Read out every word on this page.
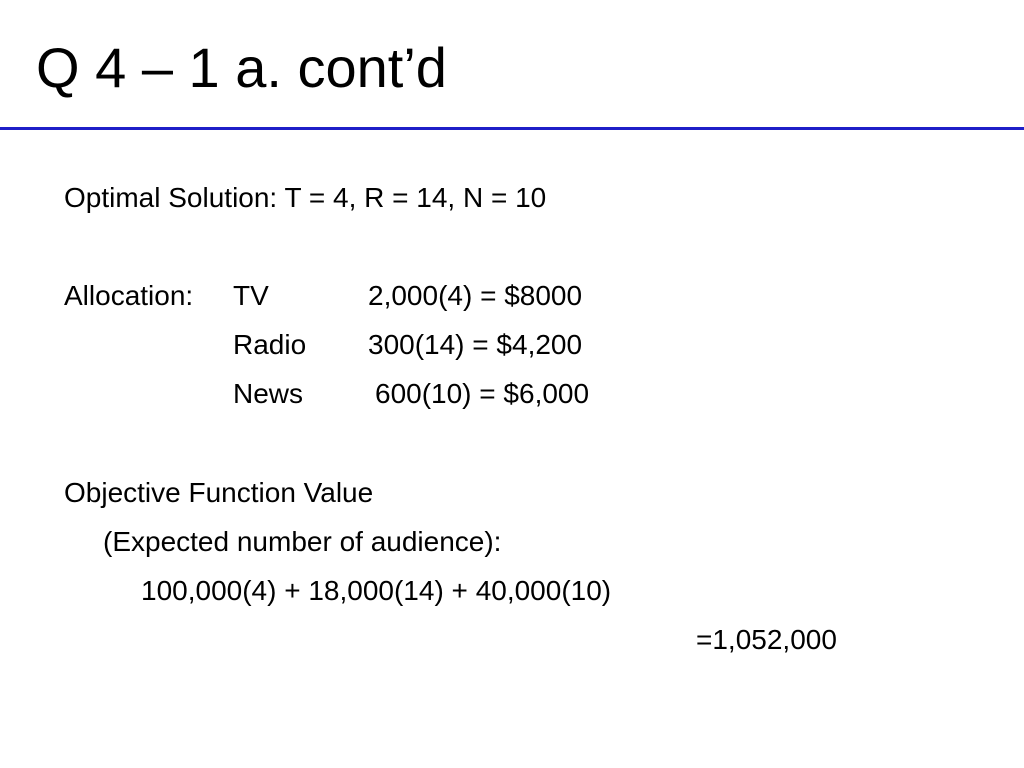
Q 4 – 1 a. cont’d
Optimal Solution: T = 4, R = 14, N = 10
Allocation: TV	2,000(4) = $8000
Radio 300(14) = $4,200
News	600(10) = $6,000
Objective Function Value
(Expected number of audience):
100,000(4) + 18,000(14) + 40,000(10)
=1,052,000
